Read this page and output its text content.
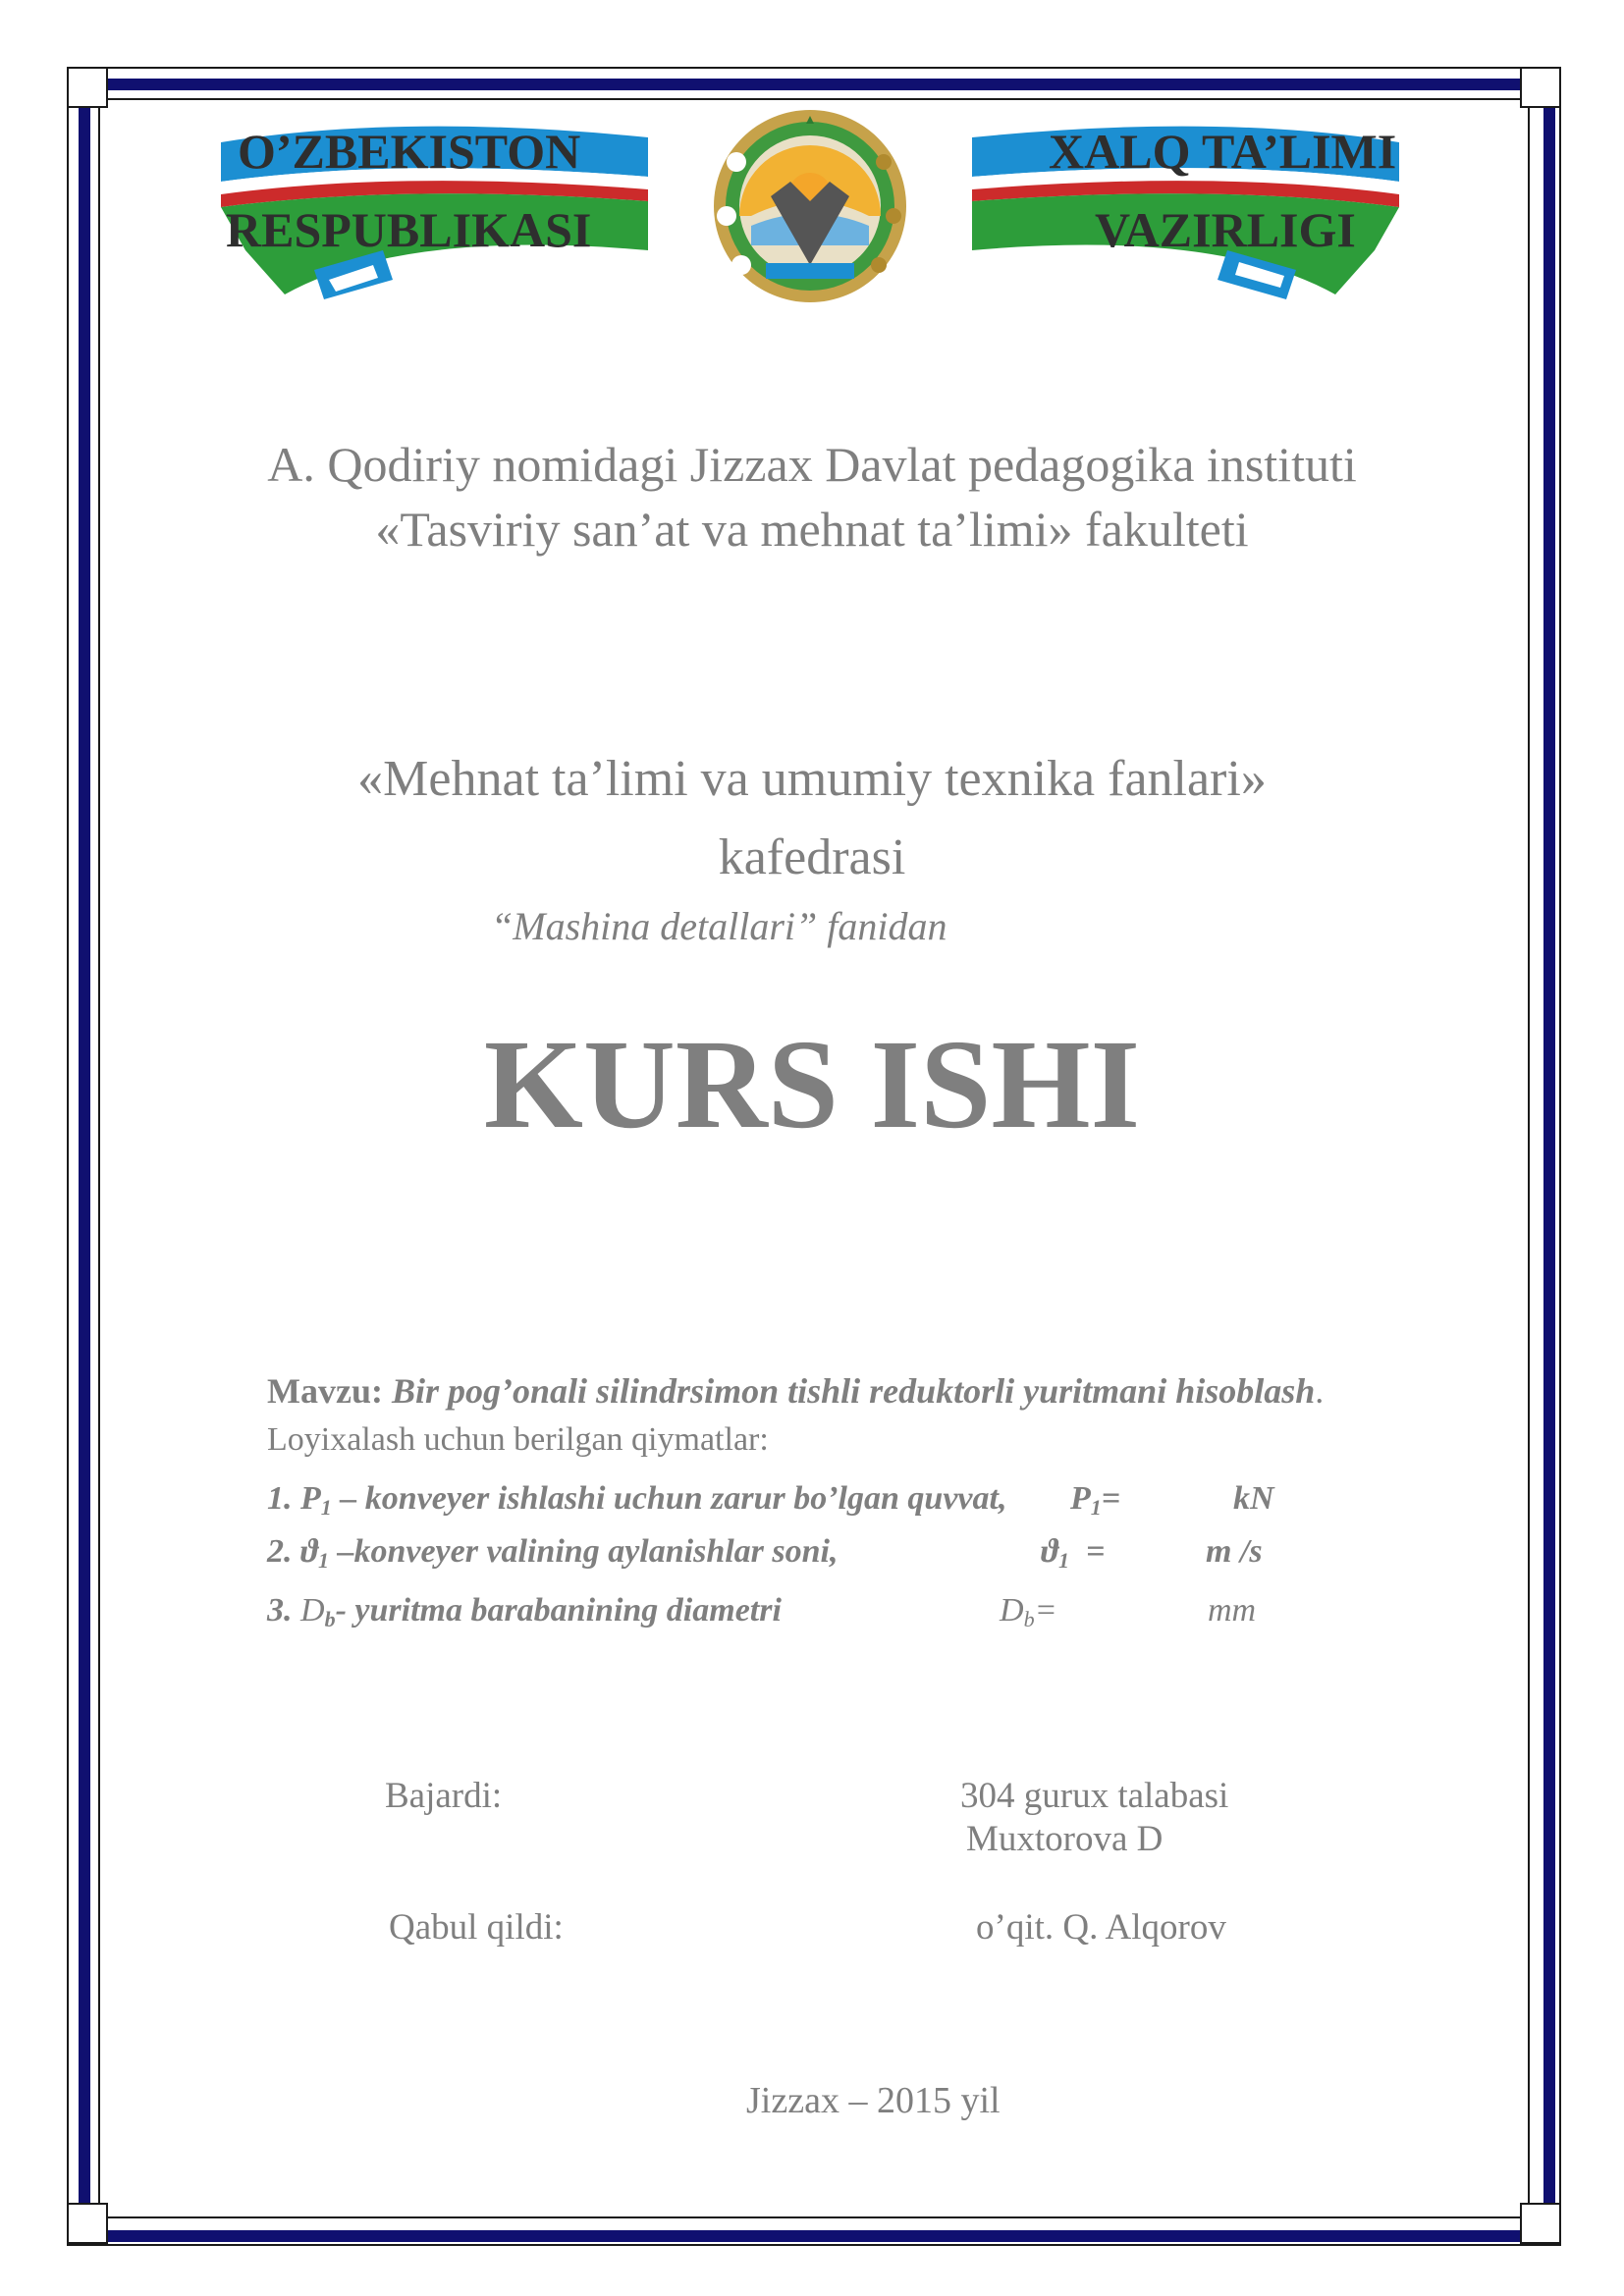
O’ZBEKISTON
RESPUBLIKASI
XALQ TA’LIMI
VAZIRLIGI
A. Qodiriy nomidagi Jizzax Davlat pedagogika instituti
«Tasviriy san’at va mehnat ta’limi» fakulteti
«Mehnat ta’limi va umumiy texnika fanlari»
kafedrasi
“Mashina detallari” fanidan
KURS ISHI
Mavzu: Bir pog’onali silindrsimon tishli reduktorli yuritmani hisoblash.
Loyixalash uchun berilgan qiymatlar:
1. $P_1$ – konveyer ishlashi uchun zarur bo’lgan quvvat, $P_1=$	kN
2. $ϑ_1$ –konveyer valining aylanishlar soni,	$ϑ_1$ =	m /s
3. $D_b-$ yuritma barabanining diametri	$D_b=$	mm
Bajardi:	304 gurux talabasi
Muxtorova D
Qabul qildi:	o’qit. Q. Alqorov
Jizzax – 2015 yil
